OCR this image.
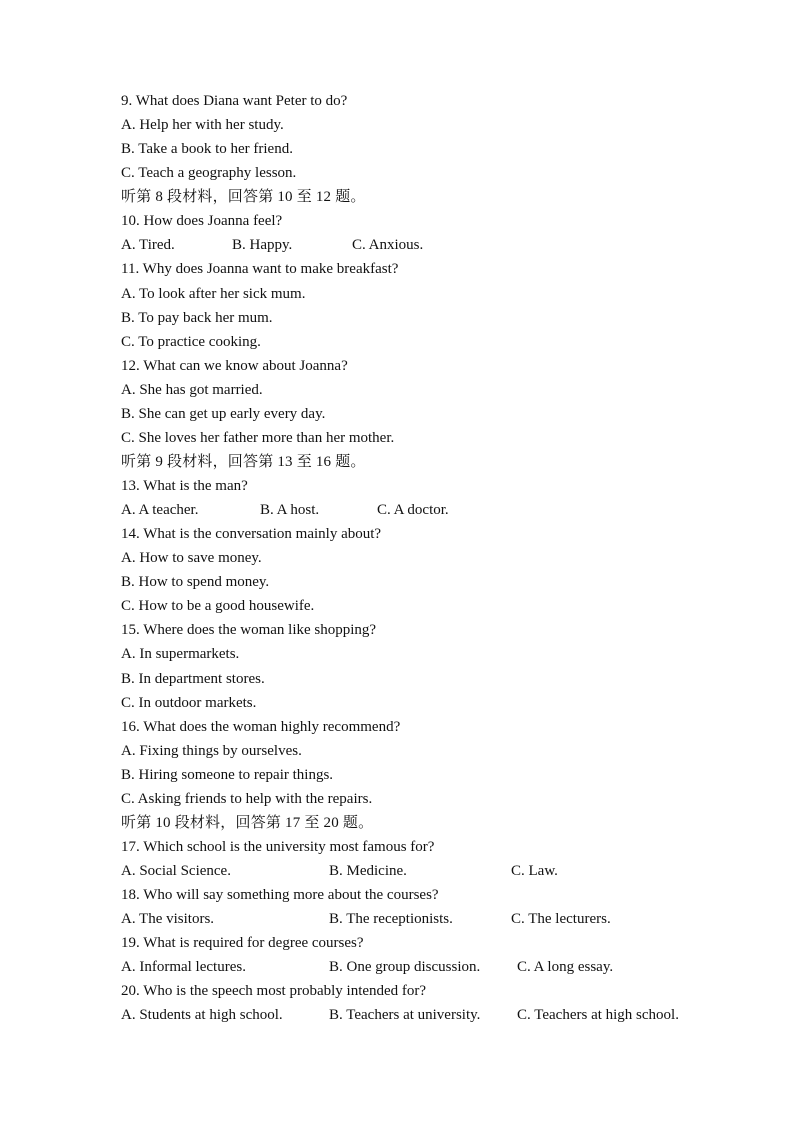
9. What does Diana want Peter to do?
A. Help her with her study.
B. Take a book to her friend.
C. Teach a geography lesson.
听第 8 段材料，回答第 10 至 12 题。
10. How does Joanna feel?
A. Tired.	B. Happy.	C. Anxious.
11. Why does Joanna want to make breakfast?
A. To look after her sick mum.
B. To pay back her mum.
C. To practice cooking.
12. What can we know about Joanna?
A. She has got married.
B. She can get up early every day.
C. She loves her father more than her mother.
听第 9 段材料，回答第 13 至 16 题。
13. What is the man?
A. A teacher.	B. A host.	C. A doctor.
14. What is the conversation mainly about?
A. How to save money.
B. How to spend money.
C. How to be a good housewife.
15. Where does the woman like shopping?
A. In supermarkets.
B. In department stores.
C. In outdoor markets.
16. What does the woman highly recommend?
A. Fixing things by ourselves.
B. Hiring someone to repair things.
C. Asking friends to help with the repairs.
听第 10 段材料，回答第 17 至 20 题。
17. Which school is the university most famous for?
A. Social Science.	B. Medicine.	C. Law.
18. Who will say something more about the courses?
A. The visitors.	B. The receptionists.	C. The lecturers.
19. What is required for degree courses?
A. Informal lectures.	B. One group discussion. C. A long essay.
20. Who is the speech most probably intended for?
A. Students at high school.	B. Teachers at university. C. Teachers at high school.
